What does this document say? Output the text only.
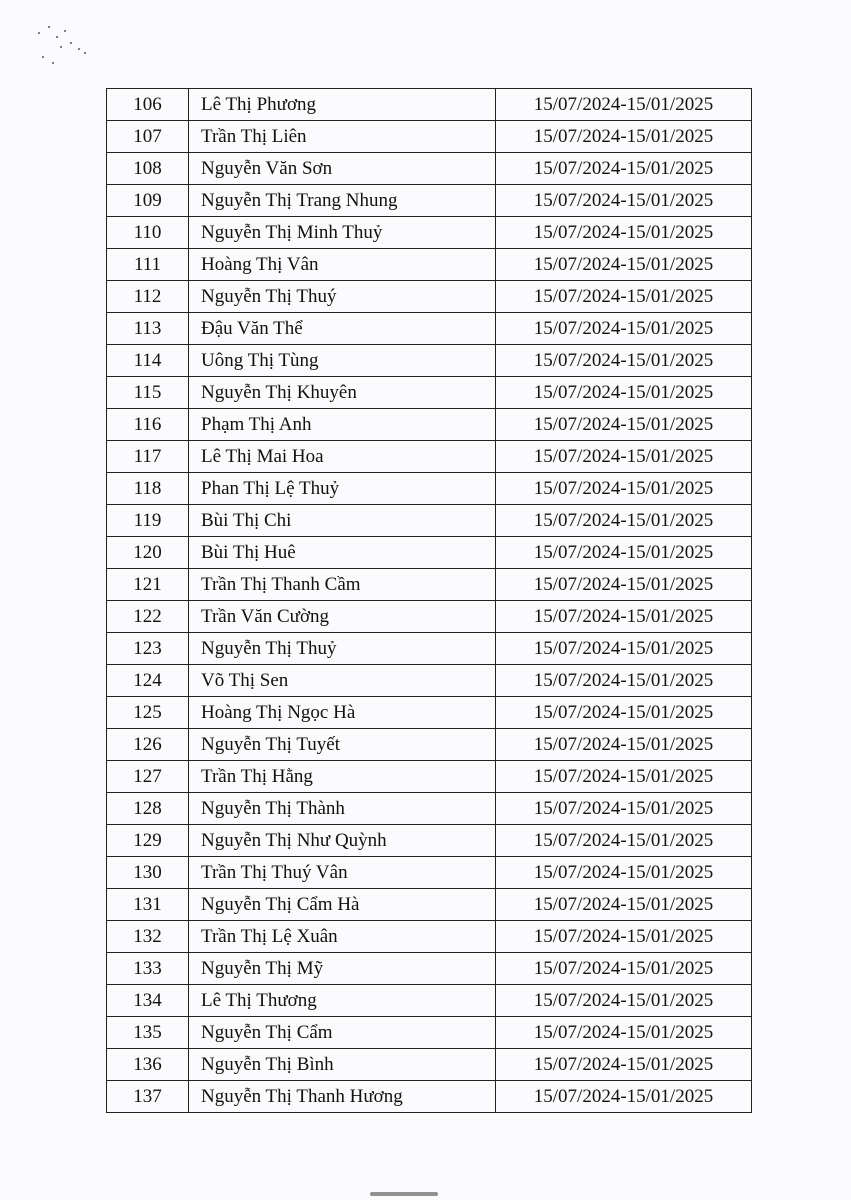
106	Lê Thị Phương	15/07/2024-15/01/2025
107	Trần Thị Liên	15/07/2024-15/01/2025
108	Nguyễn Văn Sơn	15/07/2024-15/01/2025
109	Nguyễn Thị Trang Nhung	15/07/2024-15/01/2025
110	Nguyễn Thị Minh Thuỷ	15/07/2024-15/01/2025
111	Hoàng Thị Vân	15/07/2024-15/01/2025
112	Nguyễn Thị Thuý	15/07/2024-15/01/2025
113	Đậu Văn Thể	15/07/2024-15/01/2025
114	Uông Thị Tùng	15/07/2024-15/01/2025
115	Nguyễn Thị Khuyên	15/07/2024-15/01/2025
116	Phạm Thị Anh	15/07/2024-15/01/2025
117	Lê Thị Mai Hoa	15/07/2024-15/01/2025
118	Phan Thị Lệ Thuỷ	15/07/2024-15/01/2025
119	Bùi Thị Chi	15/07/2024-15/01/2025
120	Bùi Thị Huê	15/07/2024-15/01/2025
121	Trần Thị Thanh Cầm	15/07/2024-15/01/2025
122	Trần Văn Cường	15/07/2024-15/01/2025
123	Nguyễn Thị Thuỷ	15/07/2024-15/01/2025
124	Võ Thị Sen	15/07/2024-15/01/2025
125	Hoàng Thị Ngọc Hà	15/07/2024-15/01/2025
126	Nguyễn Thị Tuyết	15/07/2024-15/01/2025
127	Trần Thị Hằng	15/07/2024-15/01/2025
128	Nguyễn Thị Thành	15/07/2024-15/01/2025
129	Nguyễn Thị Như Quỳnh	15/07/2024-15/01/2025
130	Trần Thị Thuý Vân	15/07/2024-15/01/2025
131	Nguyễn Thị Cẩm Hà	15/07/2024-15/01/2025
132	Trần Thị Lệ Xuân	15/07/2024-15/01/2025
133	Nguyễn Thị Mỹ	15/07/2024-15/01/2025
134	Lê Thị Thương	15/07/2024-15/01/2025
135	Nguyễn Thị Cẩm	15/07/2024-15/01/2025
136	Nguyễn Thị Bình	15/07/2024-15/01/2025
137	Nguyễn Thị Thanh Hương	15/07/2024-15/01/2025
